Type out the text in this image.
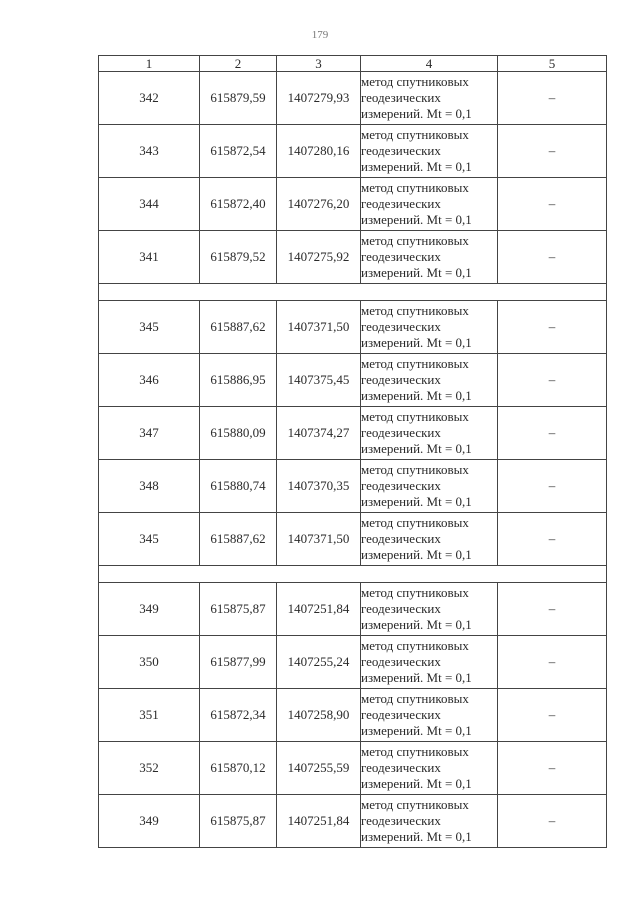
179
1	2	3	4	5
342	615879,59	1407279,93	метод спутниковых
геодезических
измерений. Mt = 0,1	–
343	615872,54	1407280,16	метод спутниковых
геодезических
измерений. Mt = 0,1	–
344	615872,40	1407276,20	метод спутниковых
геодезических
измерений. Mt = 0,1	–
341	615879,52	1407275,92	метод спутниковых
геодезических
измерений. Mt = 0,1	–

345	615887,62	1407371,50	метод спутниковых
геодезических
измерений. Mt = 0,1	–
346	615886,95	1407375,45	метод спутниковых
геодезических
измерений. Mt = 0,1	–
347	615880,09	1407374,27	метод спутниковых
геодезических
измерений. Mt = 0,1	–
348	615880,74	1407370,35	метод спутниковых
геодезических
измерений. Mt = 0,1	–
345	615887,62	1407371,50	метод спутниковых
геодезических
измерений. Mt = 0,1	–

349	615875,87	1407251,84	метод спутниковых
геодезических
измерений. Mt = 0,1	–
350	615877,99	1407255,24	метод спутниковых
геодезических
измерений. Mt = 0,1	–
351	615872,34	1407258,90	метод спутниковых
геодезических
измерений. Mt = 0,1	–
352	615870,12	1407255,59	метод спутниковых
геодезических
измерений. Mt = 0,1	–
349	615875,87	1407251,84	метод спутниковых
геодезических
измерений. Mt = 0,1	–
